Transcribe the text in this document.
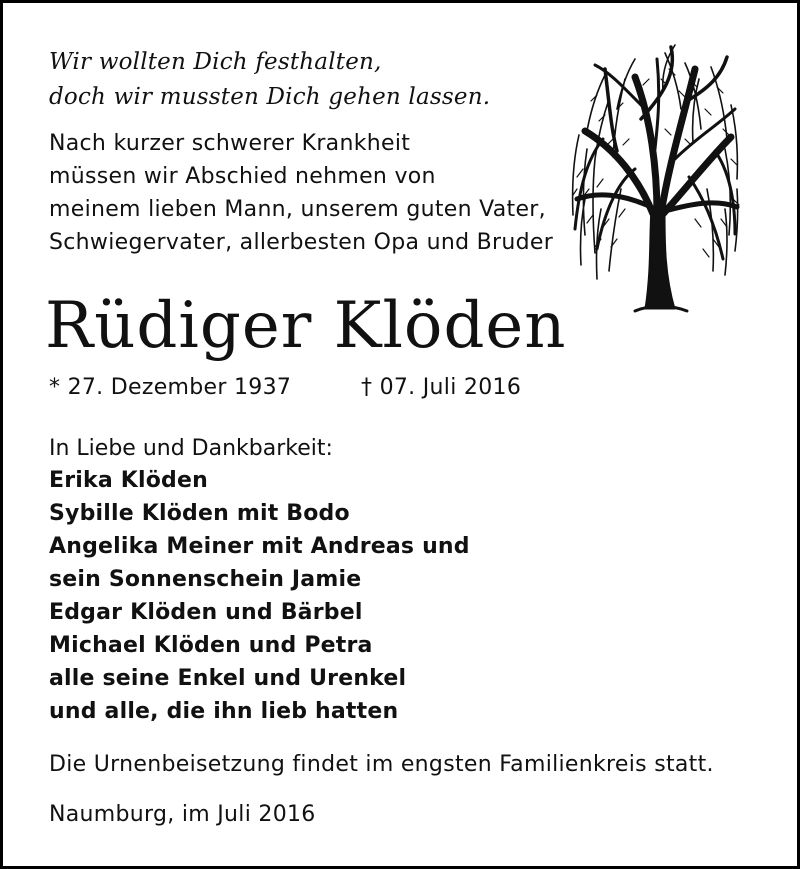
Wir wollten Dich festhalten,
doch wir mussten Dich gehen lassen.
Nach kurzer schwerer Krankheit
müssen wir Abschied nehmen von
meinem lieben Mann, unserem guten Vater,
Schwiegervater, allerbesten Opa und Bruder
Rüdiger Klöden
* 27. Dezember 1937	† 07. Juli 2016
In Liebe und Dankbarkeit:
Erika Klöden
Sybille Klöden mit Bodo
Angelika Meiner mit Andreas und
sein Sonnenschein Jamie
Edgar Klöden und Bärbel
Michael Klöden und Petra
alle seine Enkel und Urenkel
und alle, die ihn lieb hatten
Die Urnenbeisetzung findet im engsten Familienkreis statt.
Naumburg, im Juli 2016
